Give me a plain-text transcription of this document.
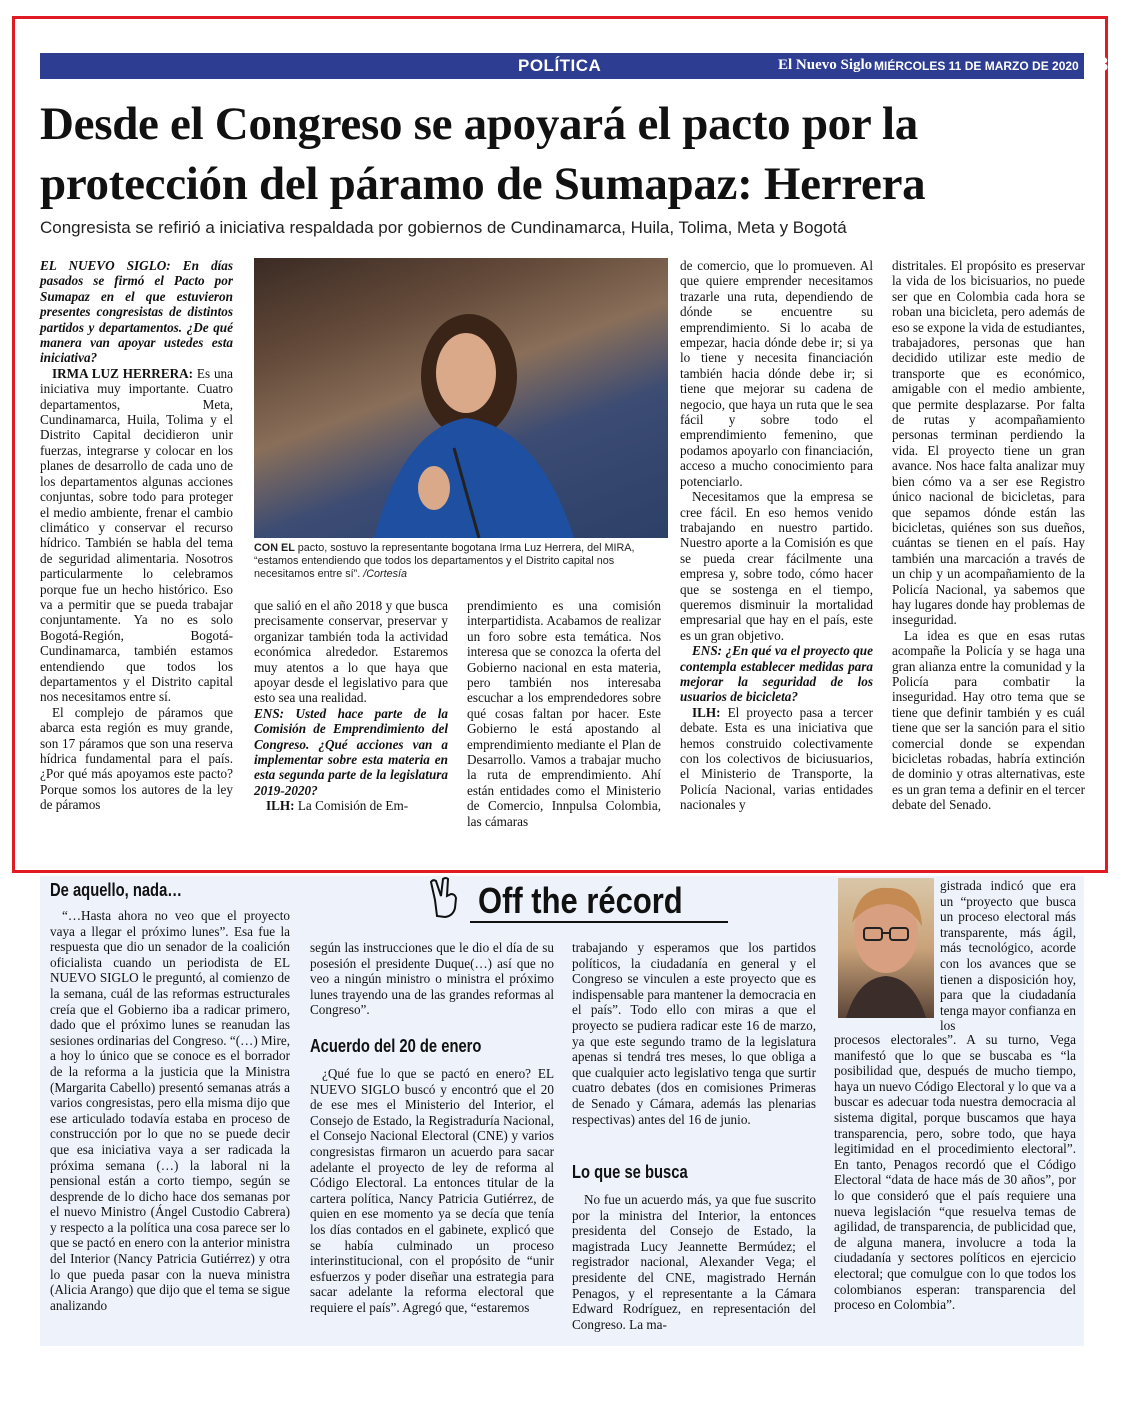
POLÍTICA	El Nuevo Siglo MIÉRCOLES 11 DE MARZO DE 2020 13A
Desde el Congreso se apoyará el pacto por la protección del páramo de Sumapaz: Herrera
Congresista se refirió a iniciativa respaldada por gobiernos de Cundinamarca, Huila, Tolima, Meta y Bogotá

EL NUEVO SIGLO: En días pasados se firmó el Pacto por Sumapaz en el que estuvieron presentes congresistas de distintos partidos y departamentos. ¿De qué manera van apoyar ustedes esta iniciativa?

IRMA LUZ HERRERA: Es una iniciativa muy importante. Cuatro departamentos, Meta, Cundinamarca, Huila, Tolima y el Distrito Capital decidieron unir fuerzas, integrarse y colocar en los planes de desarrollo de cada uno de los departamentos algunas acciones conjuntas, sobre todo para proteger el medio ambiente, frenar el cambio climático y conservar el recurso hídrico. También se habla del tema de seguridad alimentaria. Nosotros particularmente lo celebramos porque fue un hecho histórico. Eso va a permitir que se pueda trabajar conjuntamente. Ya no es solo Bogotá-Región, Bogotá-Cundinamarca, también estamos entendiendo que todos los departamentos y el Distrito capital nos necesitamos entre sí.

El complejo de páramos que abarca esta región es muy grande, son 17 páramos que son una reserva hídrica fundamental para el país. ¿Por qué más apoyamos este pacto? Porque somos los autores de la ley de páramos

CON EL pacto, sostuvo la representante bogotana Irma Luz Herrera, del MIRA, “estamos entendiendo que todos los departamentos y el Distrito capital nos necesitamos entre sí”. /Cortesía

que salió en el año 2018 y que busca precisamente conservar, preservar y organizar también toda la actividad económica alrededor. Estaremos muy atentos a lo que haya que apoyar desde el legislativo para que esto sea una realidad.

ENS: Usted hace parte de la Comisión de Emprendimiento del Congreso. ¿Qué acciones van a implementar sobre esta materia en esta segunda parte de la legislatura 2019-2020?

ILH: La Comisión de Em-

prendimiento es una comisión interpartidista. Acabamos de realizar un foro sobre esta temática. Nos interesa que se conozca la oferta del Gobierno nacional en esta materia, pero también nos interesaba escuchar a los emprendedores sobre qué cosas faltan por hacer. Este Gobierno le está apostando al emprendimiento mediante el Plan de Desarrollo. Vamos a trabajar mucho la ruta de emprendimiento. Ahí están entidades como el Ministerio de Comercio, Innpulsa Colombia, las cámaras

de comercio, que lo promueven. Al que quiere emprender necesitamos trazarle una ruta, dependiendo de dónde se encuentre su emprendimiento. Si lo acaba de empezar, hacia dónde debe ir; si ya lo tiene y necesita financiación también hacia dónde debe ir; si tiene que mejorar su cadena de negocio, que haya un ruta que le sea fácil y sobre todo el emprendimiento femenino, que podamos apoyarlo con financiación, acceso a mucho conocimiento para potenciarlo.

Necesitamos que la empresa se cree fácil. En eso hemos venido trabajando en nuestro partido. Nuestro aporte a la Comisión es que se pueda crear fácilmente una empresa y, sobre todo, cómo hacer que se sostenga en el tiempo, queremos disminuir la mortalidad empresarial que hay en el país, este es un gran objetivo.

ENS: ¿En qué va el proyecto que contempla establecer medidas para mejorar la seguridad de los usuarios de bicicleta?

ILH: El proyecto pasa a tercer debate. Esta es una iniciativa que hemos construido colectivamente con los colectivos de biciusuarios, el Ministerio de Transporte, la Policía Nacional, varias entidades nacionales y

distritales. El propósito es preservar la vida de los bicisuarios, no puede ser que en Colombia cada hora se roban una bicicleta, pero además de eso se expone la vida de estudiantes, trabajadores, personas que han decidido utilizar este medio de transporte que es económico, amigable con el medio ambiente, que permite desplazarse. Por falta de rutas y acompañamiento personas terminan perdiendo la vida. El proyecto tiene un gran avance. Nos hace falta analizar muy bien cómo va a ser ese Registro único nacional de bicicletas, para que sepamos dónde están las bicicletas, quiénes son sus dueños, cuántas se tienen en el país. Hay también una marcación a través de un chip y un acompañamiento de la Policía Nacional, ya sabemos que hay lugares donde hay problemas de inseguridad.

La idea es que en esas rutas acompañe la Policía y se haga una gran alianza entre la comunidad y la Policía para combatir la inseguridad. Hay otro tema que se tiene que definir también y es cuál tiene que ser la sanción para el sitio comercial donde se expendan bicicletas robadas, habría extinción de dominio y otras alternativas, este es un gran tema a definir en el tercer debate del Senado.

Off the récord
De aquello, nada…
“…Hasta ahora no veo que el proyecto vaya a llegar el próximo lunes”. Esa fue la respuesta que dio un senador de la coalición oficialista cuando un periodista de EL NUEVO SIGLO le preguntó, al comienzo de la semana, cuál de las reformas estructurales creía que el Gobierno iba a radicar primero, dado que el próximo lunes se reanudan las sesiones ordinarias del Congreso. “(…) Mire, a hoy lo único que se conoce es el borrador de la reforma a la justicia que la Ministra (Margarita Cabello) presentó semanas atrás a varios congresistas, pero ella misma dijo que ese articulado todavía estaba en proceso de construcción por lo que no se puede decir que esa iniciativa vaya a ser radicada la próxima semana (…) la laboral ni la pensional están a corto tiempo, según se desprende de lo dicho hace dos semanas por el nuevo Ministro (Ángel Custodio Cabrera) y respecto a la política una cosa parece ser lo que se pactó en enero con la anterior ministra del Interior (Nancy Patricia Gutiérrez) y otra lo que pueda pasar con la nueva ministra (Alicia Arango) que dijo que el tema se sigue analizando
según las instrucciones que le dio el día de su posesión el presidente Duque(…) así que no veo a ningún ministro o ministra el próximo lunes trayendo una de las grandes reformas al Congreso”.
Acuerdo del 20 de enero
¿Qué fue lo que se pactó en enero? EL NUEVO SIGLO buscó y encontró que el 20 de ese mes el Ministerio del Interior, el Consejo de Estado, la Registraduría Nacional, el Consejo Nacional Electoral (CNE) y varios congresistas firmaron un acuerdo para sacar adelante el proyecto de ley de reforma al Código Electoral. La entonces titular de la cartera política, Nancy Patricia Gutiérrez, de quien en ese momento ya se decía que tenía los días contados en el gabinete, explicó que se había culminado un proceso interinstitucional, con el propósito de “unir esfuerzos y poder diseñar una estrategia para sacar adelante la reforma electoral que requiere el país”. Agregó que, “estaremos
trabajando y esperamos que los partidos políticos, la ciudadanía en general y el Congreso se vinculen a este proyecto que es indispensable para mantener la democracia en el país”. Todo ello con miras a que el proyecto se pudiera radicar este 16 de marzo, ya que este segundo tramo de la legislatura apenas si tendrá tres meses, lo que obliga a que cualquier acto legislativo tenga que surtir cuatro debates (dos en comisiones Primeras de Senado y Cámara, además las plenarias respectivas) antes del 16 de junio.
Lo que se busca
No fue un acuerdo más, ya que fue suscrito por la ministra del Interior, la entonces presidenta del Consejo de Estado, la magistrada Lucy Jeannette Bermúdez; el registrador nacional, Alexander Vega; el presidente del CNE, magistrado Hernán Penagos, y el representante a la Cámara Edward Rodríguez, en representación del Congreso. La ma-
gistrada indicó que era un “proyecto que busca un proceso electoral más transparente, más ágil, más tecnológico, acorde con los avances que se tienen a disposición hoy, para que la ciudadanía tenga mayor confianza en los
procesos electorales”. A su turno, Vega manifestó que lo que se buscaba es “la posibilidad que, después de mucho tiempo, haya un nuevo Código Electoral y lo que va a buscar es adecuar toda nuestra democracia al sistema digital, porque buscamos que haya transparencia, pero, sobre todo, que haya legitimidad en el procedimiento electoral”. En tanto, Penagos recordó que el Código Electoral “data de hace más de 30 años”, por lo que consideró que el país requiere una nueva legislación “que resuelva temas de agilidad, de transparencia, de publicidad que, de alguna manera, involucre a toda la ciudadanía y sectores políticos en ejercicio electoral; que comulgue con lo que todos los colombianos esperan: transparencia del proceso en Colombia”.
